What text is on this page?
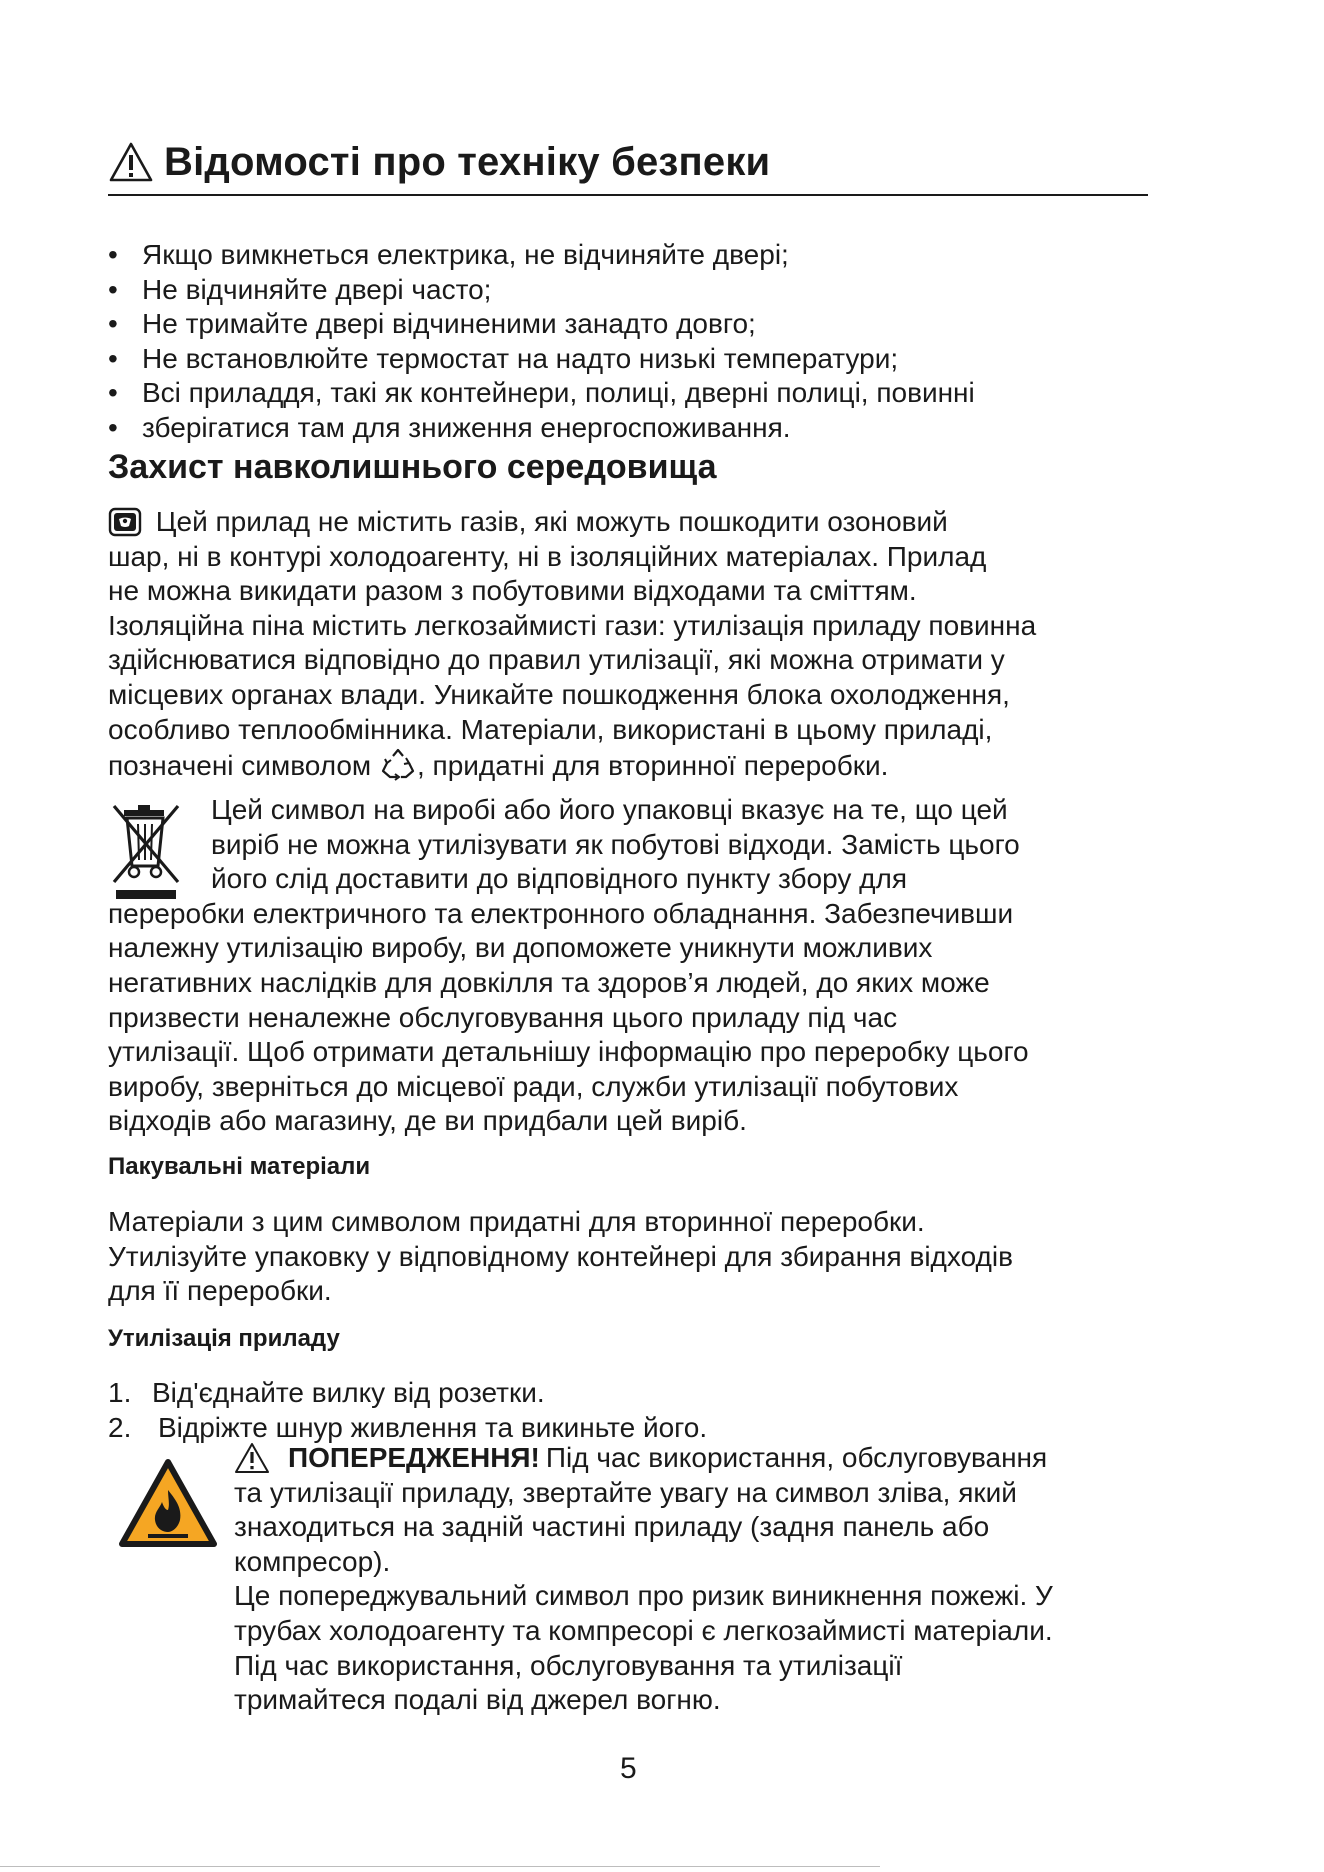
Відомості про техніку безпеки
• Якщо вимкнеться електрика, не відчиняйте двері;
• Не відчиняйте двері часто;
• Не тримайте двері відчиненими занадто довго;
• Не встановлюйте термостат на надто низькі температури;
• Всі приладдя, такі як контейнери, полиці, дверні полиці, повинні
• зберігатися там для зниження енергоспоживання.
Захист навколишнього середовища
Цей прилад не містить газів, які можуть пошкодити озоновий
шар, ні в контурі холодоагенту, ні в ізоляційних матеріалах. Прилад
не можна викидати разом з побутовими відходами та сміттям.
Ізоляційна піна містить легкозаймисті гази: утилізація приладу повинна
здійснюватися відповідно до правил утилізації, які можна отримати у
місцевих органах влади. Уникайте пошкодження блока охолодження,
особливо теплообмінника. Матеріали, використані в цьому приладі,
позначені символом , придатні для вторинної переробки.
Цей символ на виробі або його упаковці вказує на те, що цей
виріб не можна утилізувати як побутові відходи. Замість цього
його слід доставити до відповідного пункту збору для
переробки електричного та електронного обладнання. Забезпечивши
належну утилізацію виробу, ви допоможете уникнути можливих
негативних наслідків для довкілля та здоров’я людей, до яких може
призвести неналежне обслуговування цього приладу під час
утилізації. Щоб отримати детальнішу інформацію про переробку цього
виробу, зверніться до місцевої ради, служби утилізації побутових
відходів або магазину, де ви придбали цей виріб.
Пакувальні матеріали
Матеріали з цим символом придатні для вторинної переробки.
Утилізуйте упаковку у відповідному контейнері для збирання відходів
для її переробки.
Утилізація приладу
1. Від'єднайте вилку від розетки.
2. Відріжте шнур живлення та викиньте його.
ПОПЕРЕДЖЕННЯ! Під час використання, обслуговування
та утилізації приладу, звертайте увагу на символ зліва, який
знаходиться на задній частині приладу (задня панель або
компресор).
Це попереджувальний символ про ризик виникнення пожежі. У
трубах холодоагенту та компресорі є легкозаймисті матеріали.
Під час використання, обслуговування та утилізації
тримайтеся подалі від джерел вогню.
5
